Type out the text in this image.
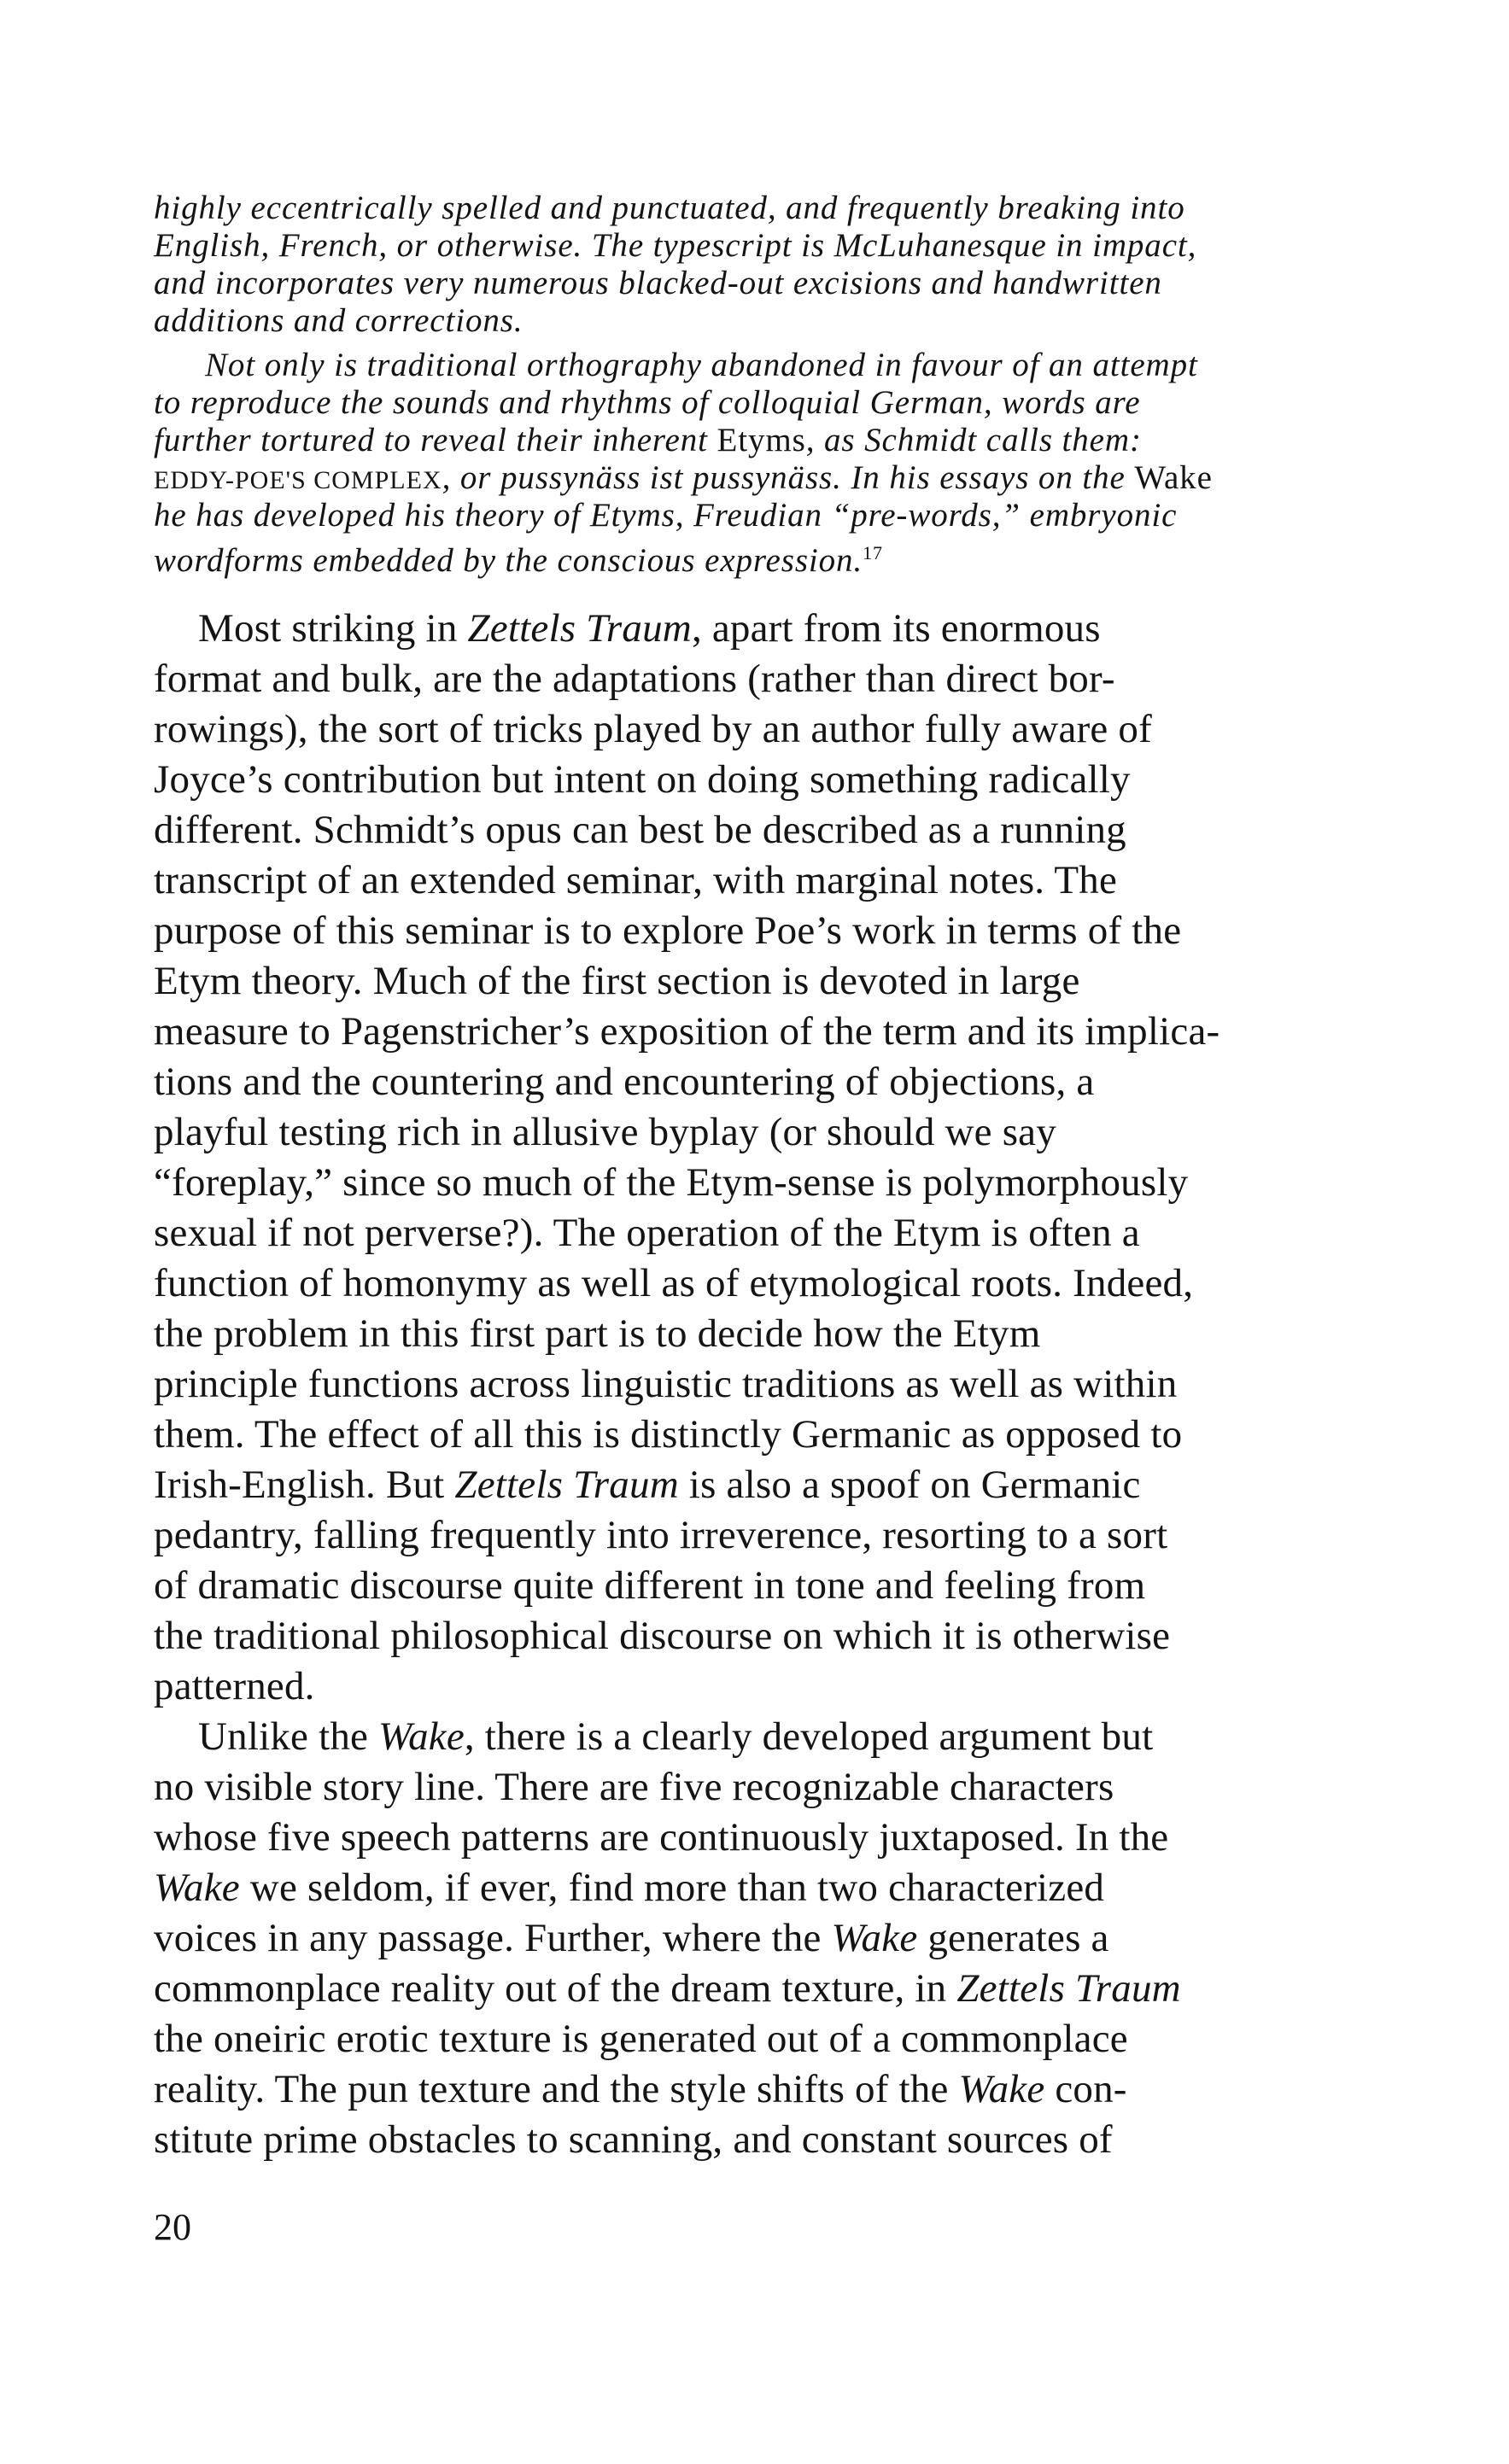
highly eccentrically spelled and punctuated, and frequently breaking into
English, French, or otherwise. The typescript is McLuhanesque in impact,
and incorporates very numerous blacked-out excisions and handwritten
additions and corrections.
Not only is traditional orthography abandoned in favour of an attempt
to reproduce the sounds and rhythms of colloquial German, words are
further tortured to reveal their inherent Etyms, as Schmidt calls them:
EDDY-POE'S COMPLEX, or pussynäss ist pussynäss. In his essays on the Wake
he has developed his theory of Etyms, Freudian “pre-words,” embryonic
wordforms embedded by the conscious expression.$^{17}$
Most striking in Zettels Traum, apart from its enormous
format and bulk, are the adaptations (rather than direct bor-
rowings), the sort of tricks played by an author fully aware of
Joyce’s contribution but intent on doing something radically
different. Schmidt’s opus can best be described as a running
transcript of an extended seminar, with marginal notes. The
purpose of this seminar is to explore Poe’s work in terms of the
Etym theory. Much of the first section is devoted in large
measure to Pagenstricher’s exposition of the term and its implica-
tions and the countering and encountering of objections, a
playful testing rich in allusive byplay (or should we say
“foreplay,” since so much of the Etym-sense is polymorphously
sexual if not perverse?). The operation of the Etym is often a
function of homonymy as well as of etymological roots. Indeed,
the problem in this first part is to decide how the Etym
principle functions across linguistic traditions as well as within
them. The effect of all this is distinctly Germanic as opposed to
Irish-English. But Zettels Traum is also a spoof on Germanic
pedantry, falling frequently into irreverence, resorting to a sort
of dramatic discourse quite different in tone and feeling from
the traditional philosophical discourse on which it is otherwise
patterned.
Unlike the Wake, there is a clearly developed argument but
no visible story line. There are five recognizable characters
whose five speech patterns are continuously juxtaposed. In the
Wake we seldom, if ever, find more than two characterized
voices in any passage. Further, where the Wake generates a
commonplace reality out of the dream texture, in Zettels Traum
the oneiric erotic texture is generated out of a commonplace
reality. The pun texture and the style shifts of the Wake con-
stitute prime obstacles to scanning, and constant sources of
20
